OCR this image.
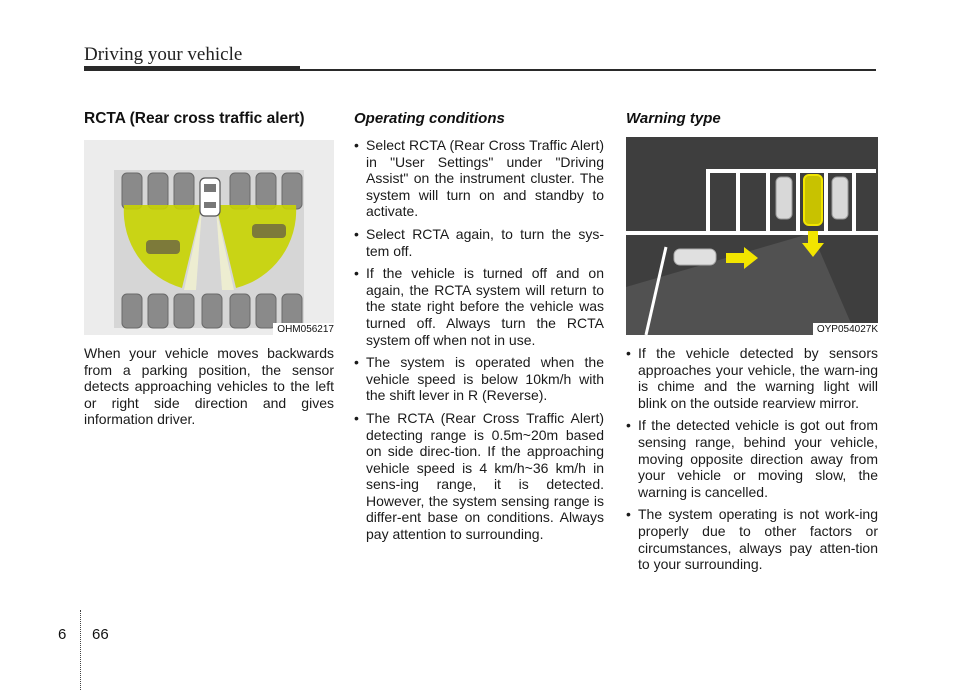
Driving your vehicle
RCTA (Rear cross traffic alert)
OHM056217

When your vehicle moves backwards from a parking position, the sensor detects approaching vehicles to the left or right side direction and gives information driver.

Operating conditions
• Select RCTA (Rear Cross Traffic Alert) in "User Settings" under "Driving Assist" on the instrument cluster. The system will turn on and standby to activate.
• Select RCTA again, to turn the sys-tem off.
• If the vehicle is turned off and on again, the RCTA system will return to the state right before the vehicle was turned off. Always turn the RCTA system off when not in use.
• The system is operated when the vehicle speed is below 10km/h with the shift lever in R (Reverse).
• The RCTA (Rear Cross Traffic Alert) detecting range is 0.5m~20m based on side direc-tion. If the approaching vehicle speed is 4 km/h~36 km/h in sens-ing range, it is detected. However, the system sensing range is differ-ent base on conditions. Always pay attention to surrounding.
Warning type
OYP054027K
• If the vehicle detected by sensors approaches your vehicle, the warn-ing is chime and the warning light will blink on the outside rearview mirror.
• If the detected vehicle is got out from sensing range, behind your vehicle, moving opposite direction away from your vehicle or moving slow, the warning is cancelled.
• The system operating is not work-ing properly due to other factors or circumstances, always pay atten-tion to your surrounding.
6 66
